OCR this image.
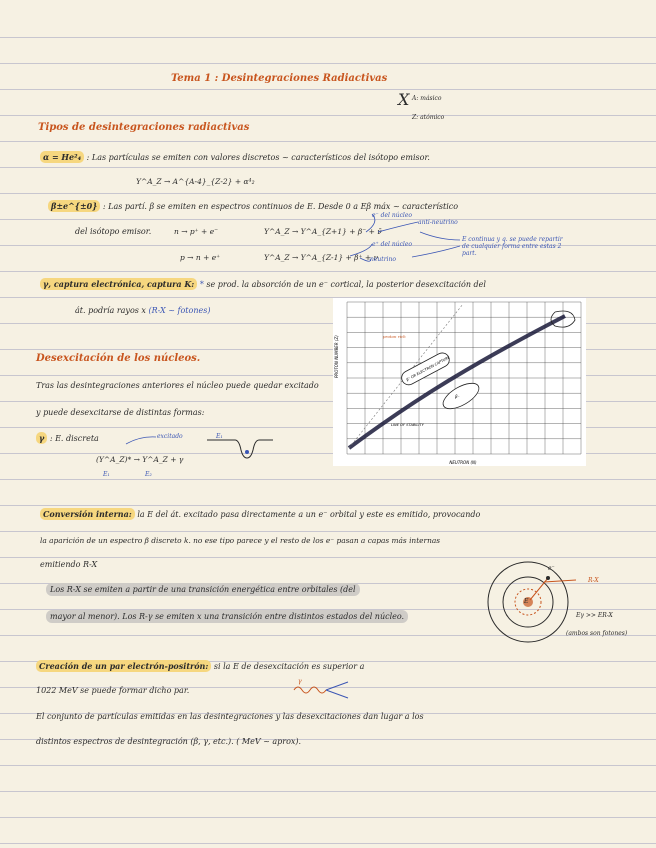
Tema 1 : Desintegraciones Radiactivas
X A: másico
Z: atómico
Tipos de desintegraciones radiactivas
α = He²₄ : Las partículas se emiten con valores discretos ~ característicos del isótopo emisor.
Y^A_Z → A^{A-4}_{Z-2} + α⁴₂
β±e^{±0} : Las partí. β se emiten en espectros continuos de E. Desde 0 a Eβ máx ~ característico
del isótopo emisor.	n → p⁺ + e⁻	Y^A_Z → Y^A_{Z+1} + β⁻ + ν̄
p → n + e⁺	Y^A_Z → Y^A_{Z-1} + β⁺ + ν
e⁻ del núcleo
anti-neutrino
e⁺ del núcleo
neutrino
E continua y q. se puede repartir de cualquier forma entre estas 2 part.
γ, captura electrónica, captura K: * se prod. la absorción de un e⁻ cortical, la posterior desexcitación del
át. podría rayos x (R-X ~ fotones)
Desexcitación de los núcleos.
Tras las desintegraciones anteriores el núcleo puede quedar excitado
y puede desexcitarse de distintas formas:
γ : E. discreta	excitado
(Y^A_Z)* → Y^A_Z + γ
E₁	E₂
E₁
PROTON NUMBER (Z)
NEUTRON (N)
LINE OF STABILITY
β⁺ OR ELECTRON CAPTURE
β⁻
proton rich
Conversión interna: la E del át. excitado pasa directamente a un e⁻ orbital y este es emitido, provocando
la aparición de un espectro β discreto k. no ese tipo parece y el resto de los e⁻ pasan a capas más internas
emitiendo R-X
Los R-X se emiten a partir de una transición energética entre orbitales (del
mayor al menor). Los R-γ se emiten x una transición entre distintos estados del núcleo.
e⁻
R-X
E
Eγ >> ER-X
(ambos son fotones)
Creación de un par electrón-positrón: si la E de desexcitación es superior a
1022 MeV se puede formar dicho par.
γ
El conjunto de partículas emitidas en las desintegraciones y las desexcitaciones dan lugar a los
distintos espectros de desintegración (β, γ, etc.). ( MeV ~ aprox).
